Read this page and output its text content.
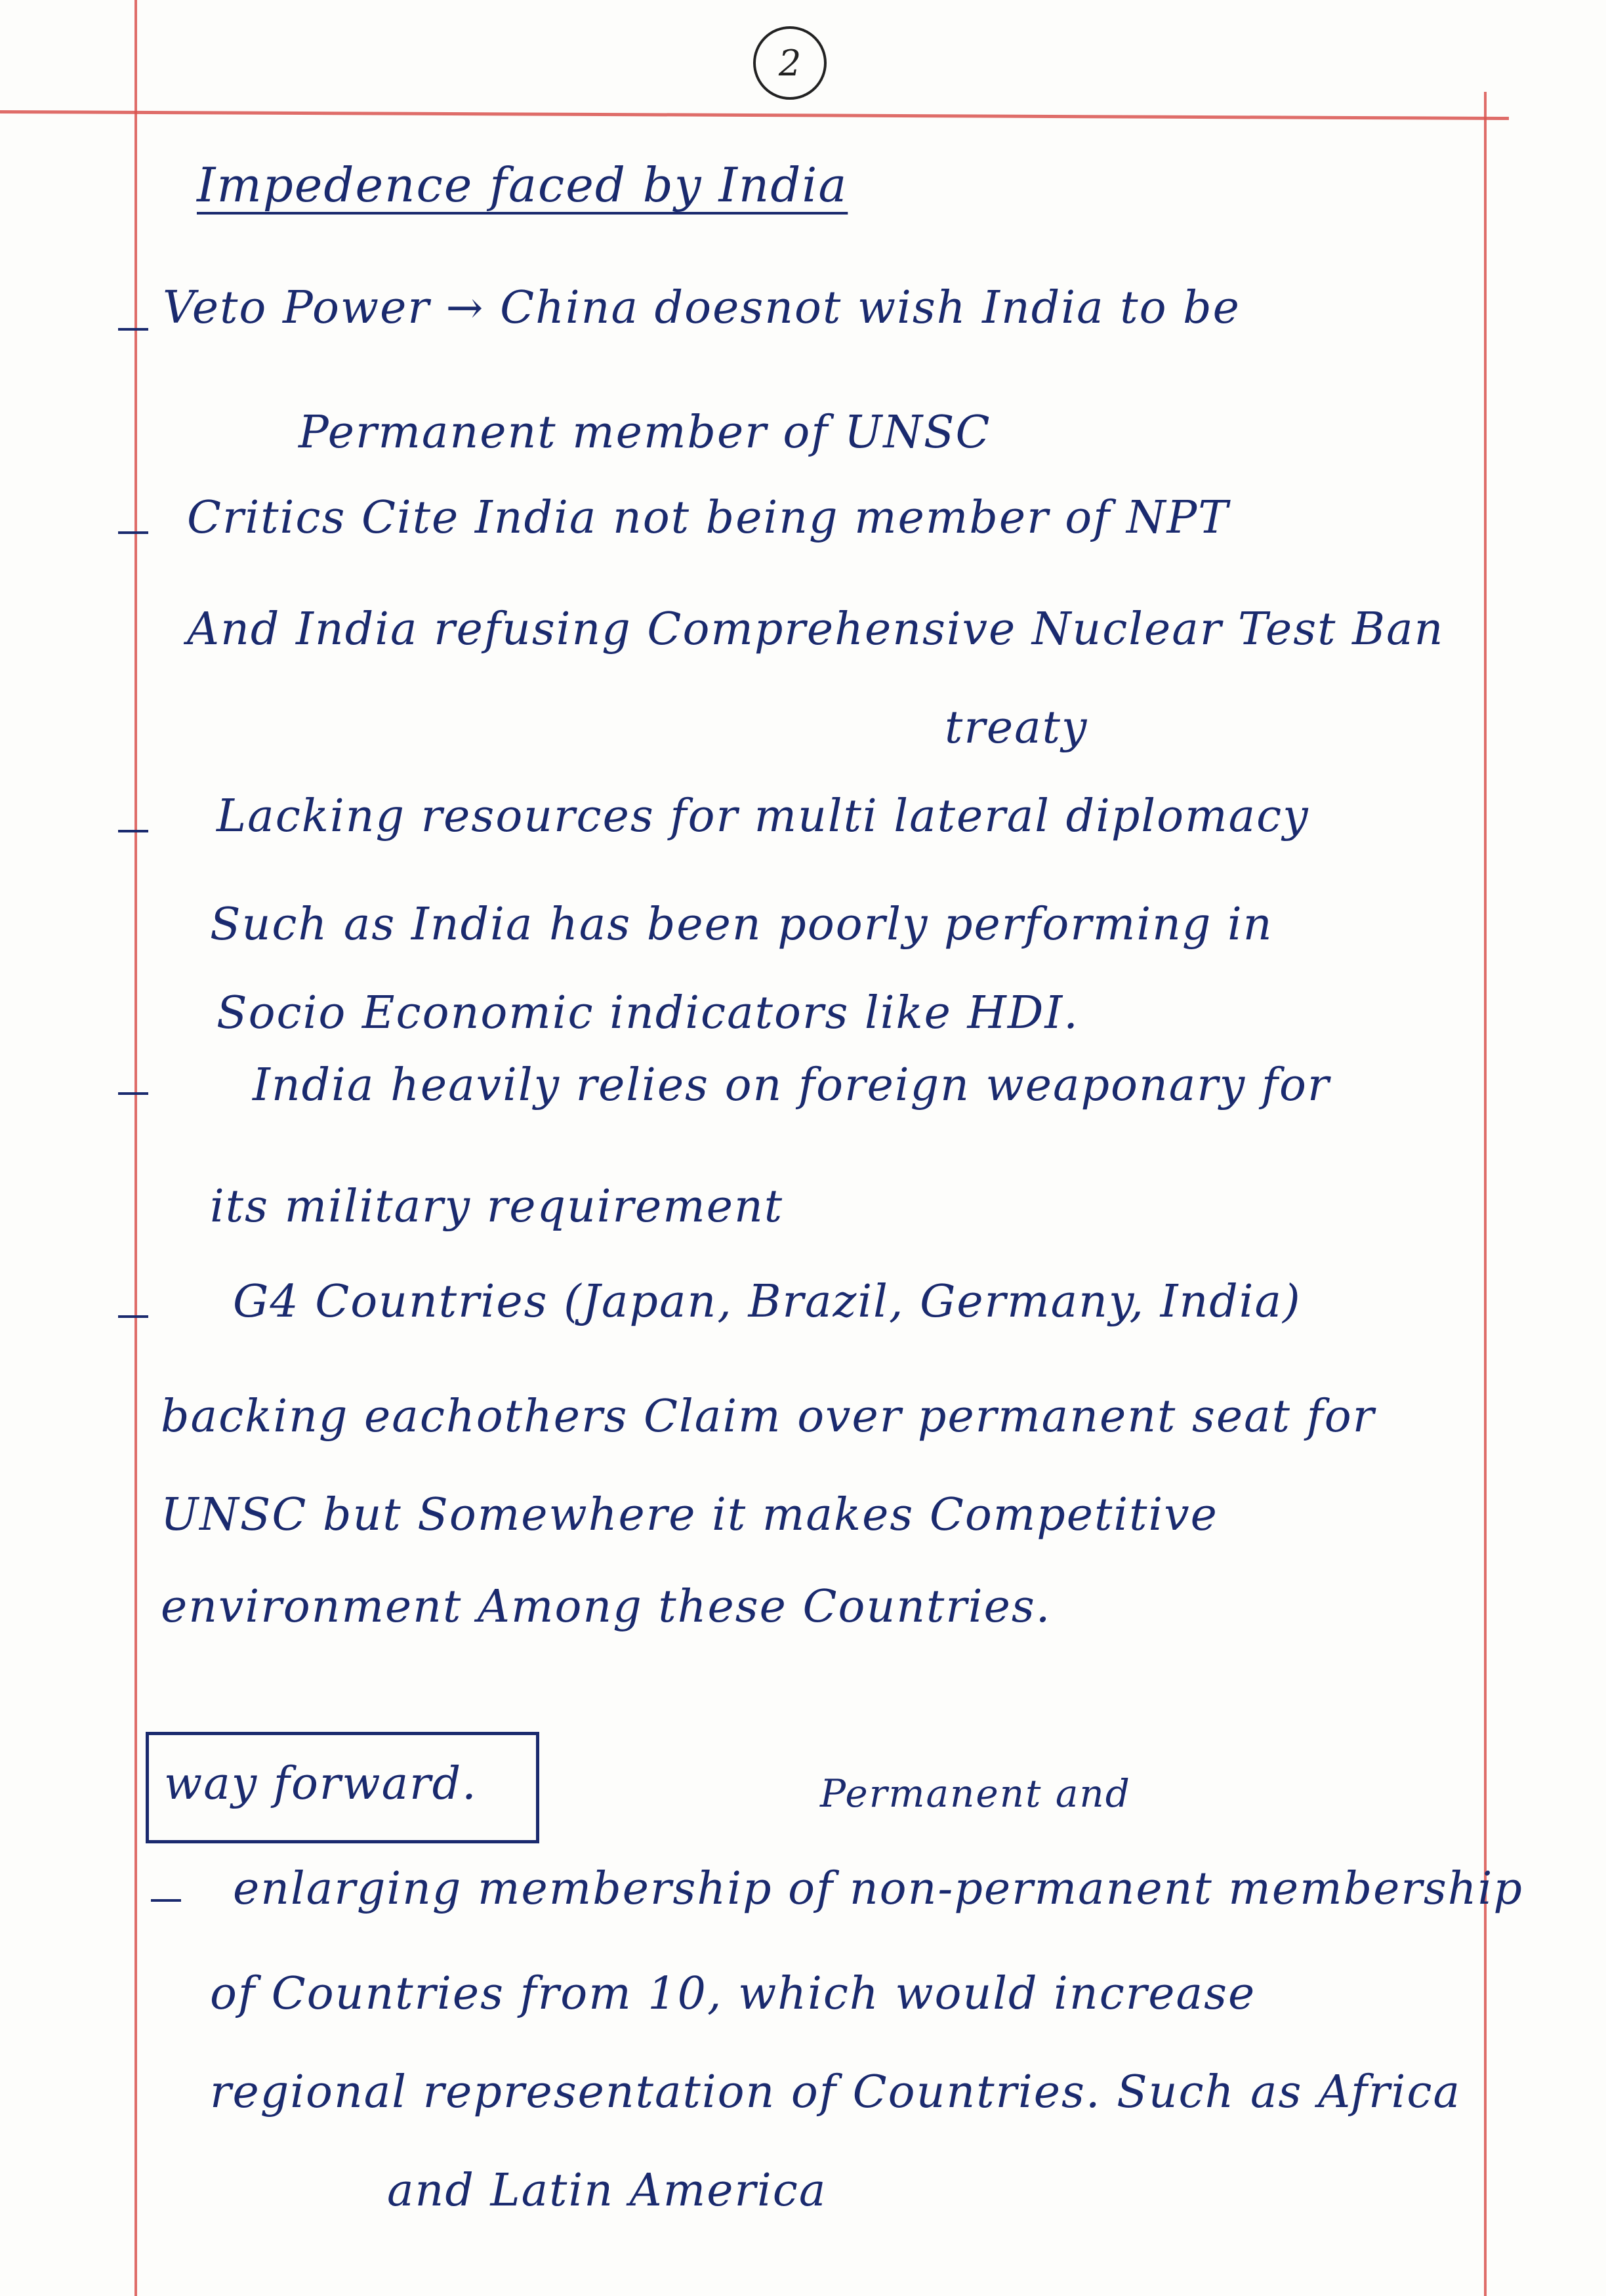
2
Impedence faced by India
Veto Power → China doesnot wish India to be
Permanent member of UNSC
Critics Cite India not being member of NPT
And India refusing Comprehensive Nuclear Test Ban
treaty
Lacking resources for multi lateral diplomacy
Such as India has been poorly performing in
Socio Economic indicators like HDI.
India heavily relies on foreign weaponary for
its military requirement
G4 Countries (Japan, Brazil, Germany, India)
backing eachothers Claim over permanent seat for
UNSC but Somewhere it makes Competitive
environment Among these Countries.
way forward.	Permanent and
enlarging membership of non-permanent membership
of Countries from 10, which would increase
regional representation of Countries. Such as Africa
and Latin America
